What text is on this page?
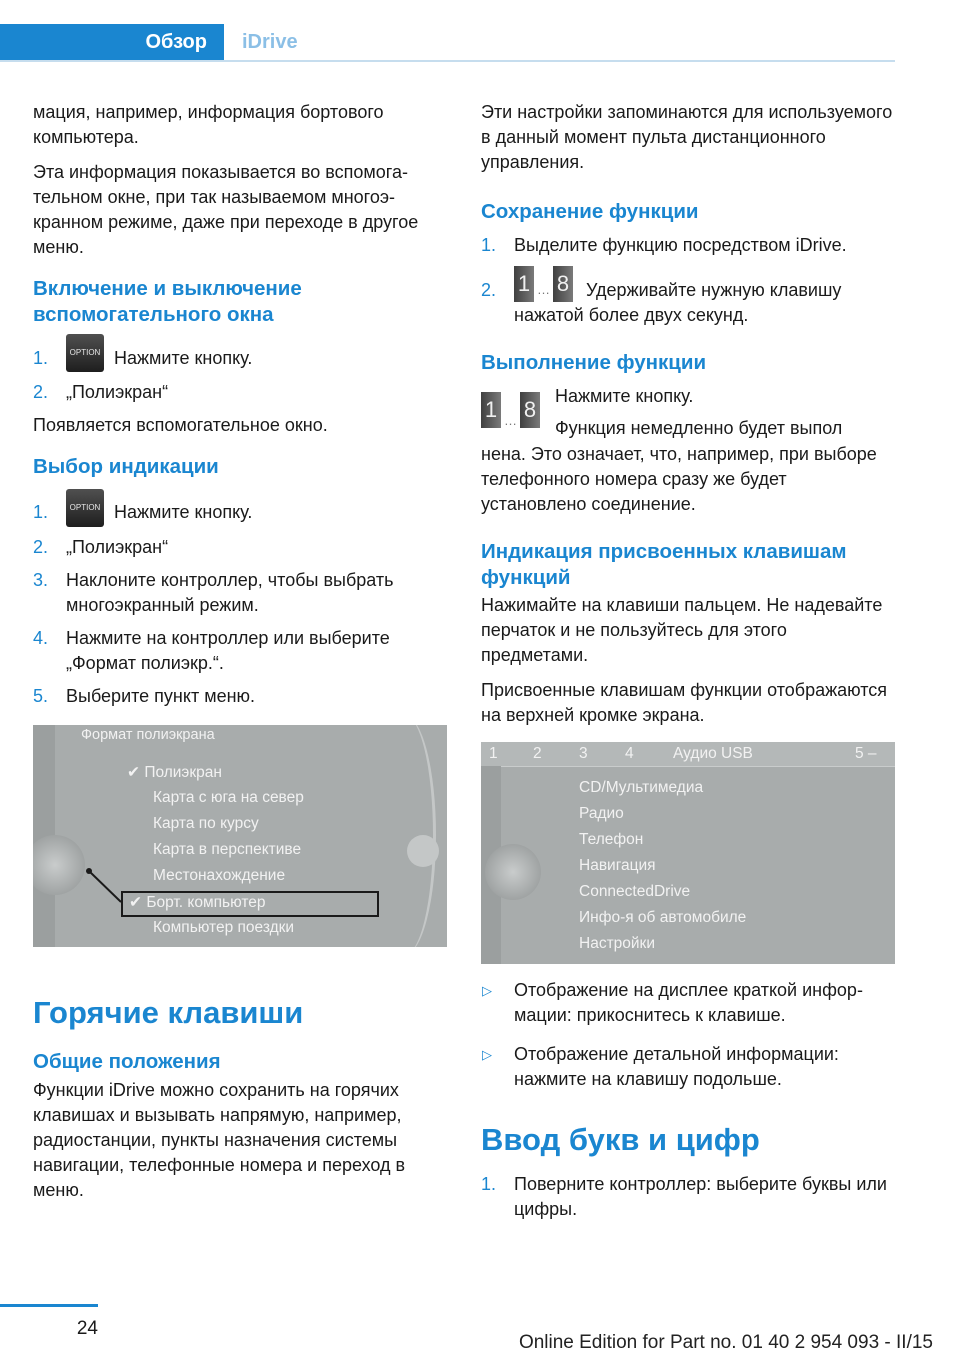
Обзор	iDrive

мация, например, информация бортового компьютера.

Эта информация показывается во вспомогательном окне, при так называемом многоэкранном режиме, даже при переходе в другое меню.

Включение и выключение вспомогательного окна
1.	OPTION Нажмите кнопку.
2. „Полиэкран“

Появляется вспомогательное окно.

Выбор индикации
1.	OPTION Нажмите кнопку.
2. „Полиэкран“
3. Наклоните контроллер, чтобы выбрать многоэкранный режим.
4. Нажмите на контроллер или выберите „Формат полиэкр.“.
5. Выберите пункт меню.
Формат полиэкрана
✔ Полиэкран
Карта с юга на север
Карта по курсу
Карта в перспективе
Местонахождение
✔ Борт. компьютер
Компьютер поездки
Горячие клавиши
Общие положения

Функции iDrive можно сохранить на горячих клавишах и вызывать напрямую, например, радиостанции, пункты назначения системы навигации, телефонные номера и переход в меню.

Эти настройки запоминаются для используемого в данный момент пульта дистанционного управления.

Сохранение функции
1. Выделите функцию посредством iDrive.
2. 1 … 8 Удерживайте нужную клавишу нажатой более двух секунд.
Выполнение функции
1 … 8
Нажмите кнопку.
Функция немедленно будет выпол

нена. Это означает, что, например, при выборе телефонного номера сразу же будет установлено соединение.

Индикация присвоенных клавишам функций

Нажимайте на клавиши пальцем. Не надевайте перчаток и не пользуйтесь для этого предметами.

Присвоенные клавишам функции отображаются на верхней кромке экрана.

1 2 3 4	Аудио USB	5 –
CD/Мультимедиа
Радио
Телефон
Навигация
ConnectedDrive
Инфо-я об автомобиле
Настройки
▷ Отображение на дисплее краткой информации: прикоснитесь к клавише.
▷ Отображение детальной информации: нажмите на клавишу подольше.
Ввод букв и цифр
1. Поверните контроллер: выберите буквы или цифры.
24
Online Edition for Part no. 01 40 2 954 093 - II/15
